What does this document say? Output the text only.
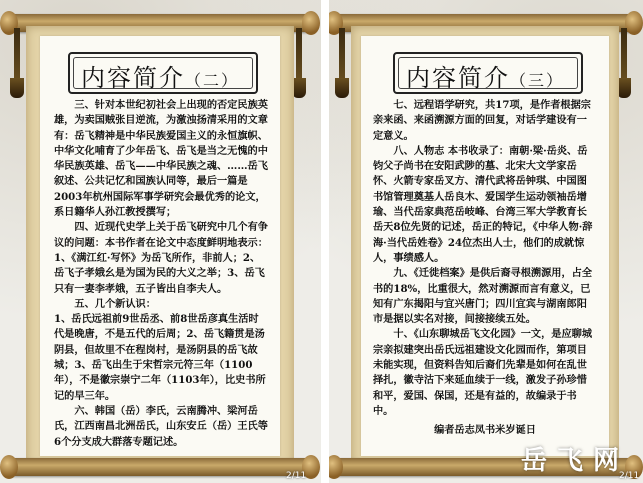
内容简介（二）

三、针对本世纪初社会上出现的否定民族英雄，为卖国贼张目逆流，为激浊扬清采用的文章有：岳飞精神是中华民族爱国主义的永恒旗帜、中华文化哺育了少年岳飞、岳飞是当之无愧的中华民族英雄、岳飞——中华民族之魂、……岳飞叙述、公共记忆和国族认同等，最后一篇是2003年杭州国际军事学研究会最优秀的论文，系日籍华人孙江教授撰写；

四、近现代史学上关于岳飞研究中几个有争议的问题：本书作者在论文中态度鲜明地表示：1、《满江红·写怀》为岳飞所作，非前人；2、岳飞子孝娥幺是为国为民的大义之举；3、岳飞只有一妻李孝娥，五子皆出自李夫人。

五、几个新认识：

1、岳氏远祖前9世岳丞、前8世岳彦真生活时代是晚唐，不是五代的后周；2、岳飞籍贯是汤阴县，但故里不在程岗村，是汤阴县的岳飞故城；3、岳飞出生于宋哲宗元符三年（1100年），不是徽宗崇宁二年（1103年），比史书所记的早三年。

六、韩国（岳）李氏，云南腾冲、梁河岳氏，江西南昌北洲岳氏，山东安丘（岳）王氏等6个分支成大群落专题记述。

2/11
内容简介（三）

七、远程语学研究，共17项，是作者根据宗亲来函、来函溯源方面的回复，对话学建设有一定意义。

八、人物志 本书收录了：南朝·梁·岳炎、岳钧父子尚书在安阳武陟的墓、北宋大文学家岳怀、火箭专家岳叉方、清代武将岳钟琪、中国图书馆管理奠基人岳良木、爱国学生运动领袖岳增瑜、当代岳家典范岳岐峰、台湾三军大学教育长岳天8位先贤的记述，岳正的特记，《中华人物·辞海·当代岳姓卷》24位杰出人士，他们的成就惊人，事绩感人。

九、《迁徙档案》是供后裔寻根溯源用，占全书的18%，比重很大，然对溯源而言有意义，已知有广东揭阳与宜兴唐门；四川宜宾与湖南郎阳市是据以实名对接，间接接续五处。

十、《山东聊城岳飞文化园》一文，是应聊城宗亲拟建突出岳氏远祖建设文化园而作，第项目未能实现，但资料告知后裔们先辈是如何在乱世择扎，徽寺沽下来延血续于一线，激发子孙珍惜和平，爱国、保国，还是有益的，故编录于书中。

编者岳志凤书米岁诞日

2/11
岳飞网
